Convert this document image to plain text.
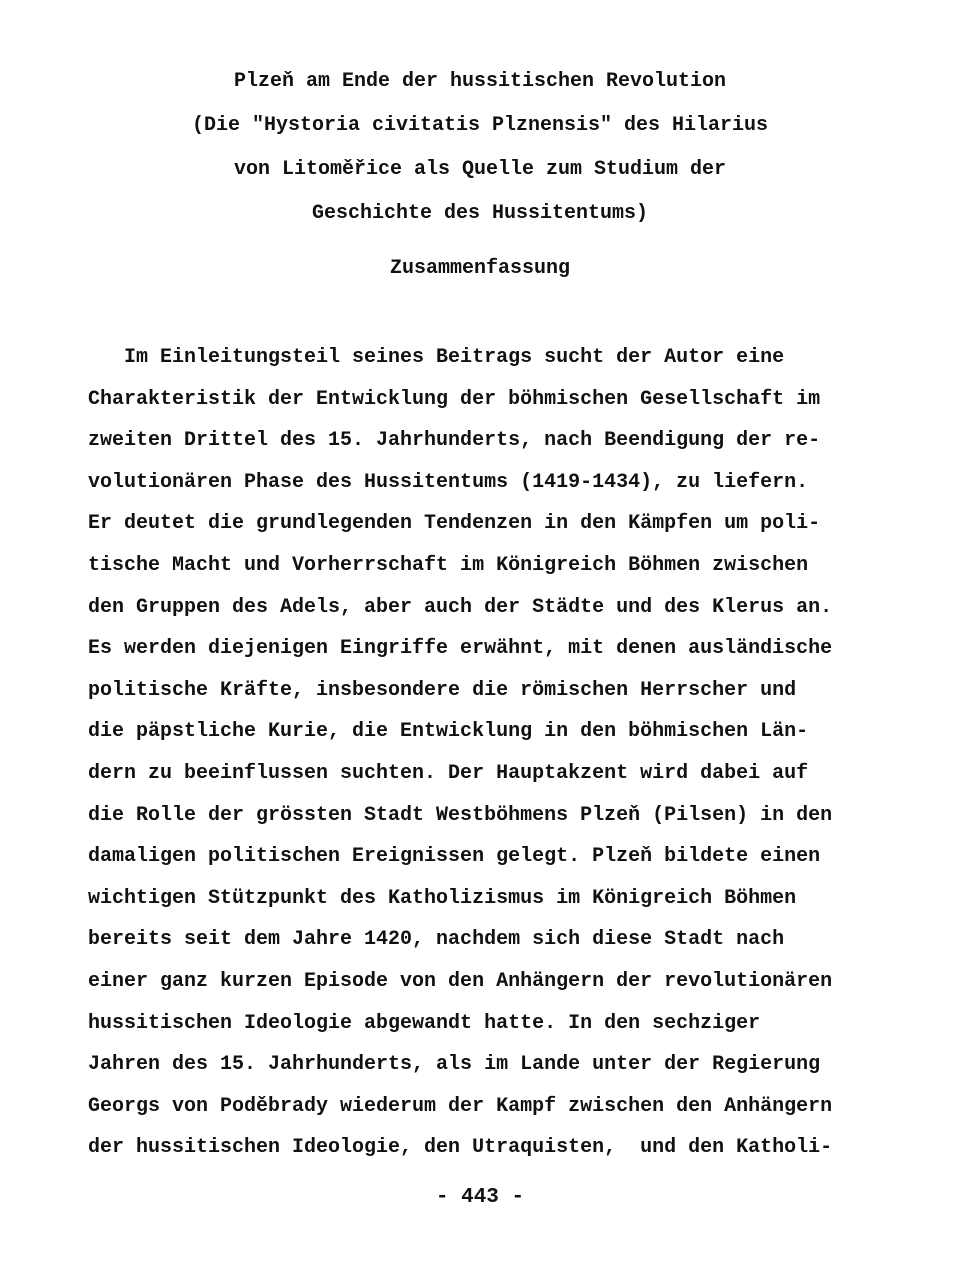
Plzeň am Ende der hussitischen Revolution
(Die "Hystoria civitatis Plznensis" des Hilarius
von Litoměřice als Quelle zum Studium der
Geschichte des Hussitentums)
Zusammenfassung
Im Einleitungsteil seines Beitrags sucht der Autor eine
Charakteristik der Entwicklung der böhmischen Gesellschaft im
zweiten Drittel des 15. Jahrhunderts, nach Beendigung der re-
volutionären Phase des Hussitentums (1419-1434), zu liefern.
Er deutet die grundlegenden Tendenzen in den Kämpfen um poli-
tische Macht und Vorherrschaft im Königreich Böhmen zwischen
den Gruppen des Adels, aber auch der Städte und des Klerus an.
Es werden diejenigen Eingriffe erwähnt, mit denen ausländische
politische Kräfte, insbesondere die römischen Herrscher und
die päpstliche Kurie, die Entwicklung in den böhmischen Län-
dern zu beeinflussen suchten. Der Hauptakzent wird dabei auf
die Rolle der grössten Stadt Westböhmens Plzeň (Pilsen) in den
damaligen politischen Ereignissen gelegt. Plzeň bildete einen
wichtigen Stützpunkt des Katholizismus im Königreich Böhmen
bereits seit dem Jahre 1420, nachdem sich diese Stadt nach
einer ganz kurzen Episode von den Anhängern der revolutionären
hussitischen Ideologie abgewandt hatte. In den sechziger
Jahren des 15. Jahrhunderts, als im Lande unter der Regierung
Georgs von Poděbrady wiederum der Kampf zwischen den Anhängern
der hussitischen Ideologie, den Utraquisten,  und den Katholi-
- 443 -
